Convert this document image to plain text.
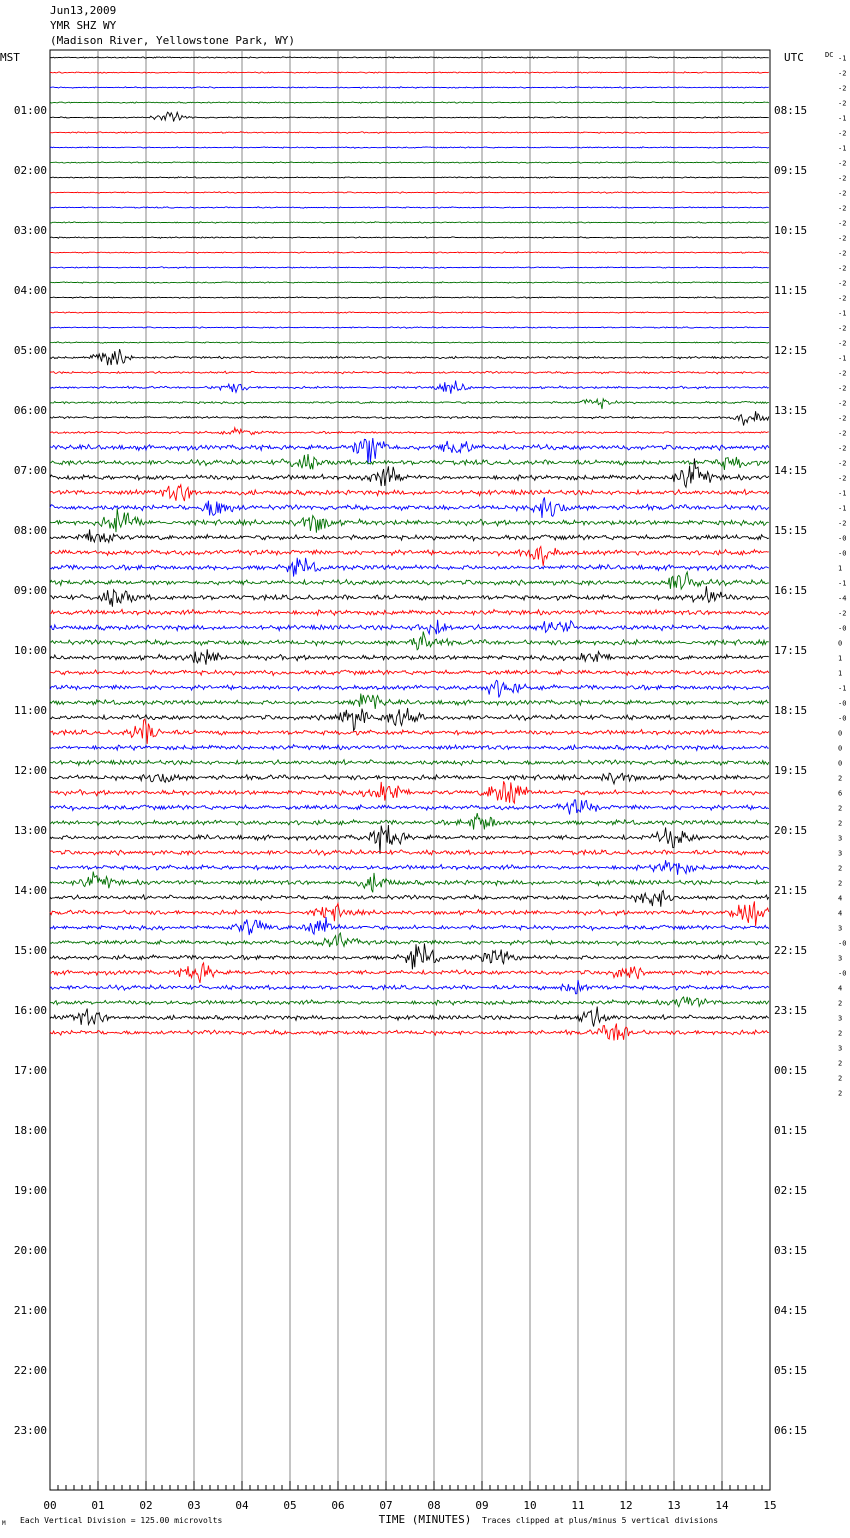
Jun13,2009
YMR SHZ WY
(Madison River, Yellowstone Park, WY)
MST	UTC	DC
01:00	08:15
02:00	09:15
03:00	10:15
04:00	11:15
05:00	12:15
06:00	13:15
07:00	14:15
08:00	15:15
09:00	16:15
10:00	17:15
11:00	18:15
12:00	19:15
13:00	20:15
14:00	21:15
15:00	22:15
16:00	23:15
17:00	00:15
18:00	01:15
19:00	02:15
20:00	03:15
21:00	04:15
22:00	05:15
23:00	06:15
-1
-2
-2
-2
-1
-2
-1
-2
-2
-2
-2
-2
-2
-2
-2
-2
-2
-1
-2
-2
-1
-2
-2
-2
-2
-2
-2
-2
-2
-1
-1
-2
-0
-0
1
-1
-4
-2
-0
0
1
1
-1
-0
-0
0
0
0
2
6
2
2
3
3
2
2
4
4
3
-0
3
-0
4
2
3
2
3
2
2
2
00	01	02	03	04	05	06	07	08	09	10	11	12	13	14	15
TIME (MINUTES)
Each Vertical Division = 125.00 microvolts	Traces clipped at plus/minus 5 vertical divisions
M
